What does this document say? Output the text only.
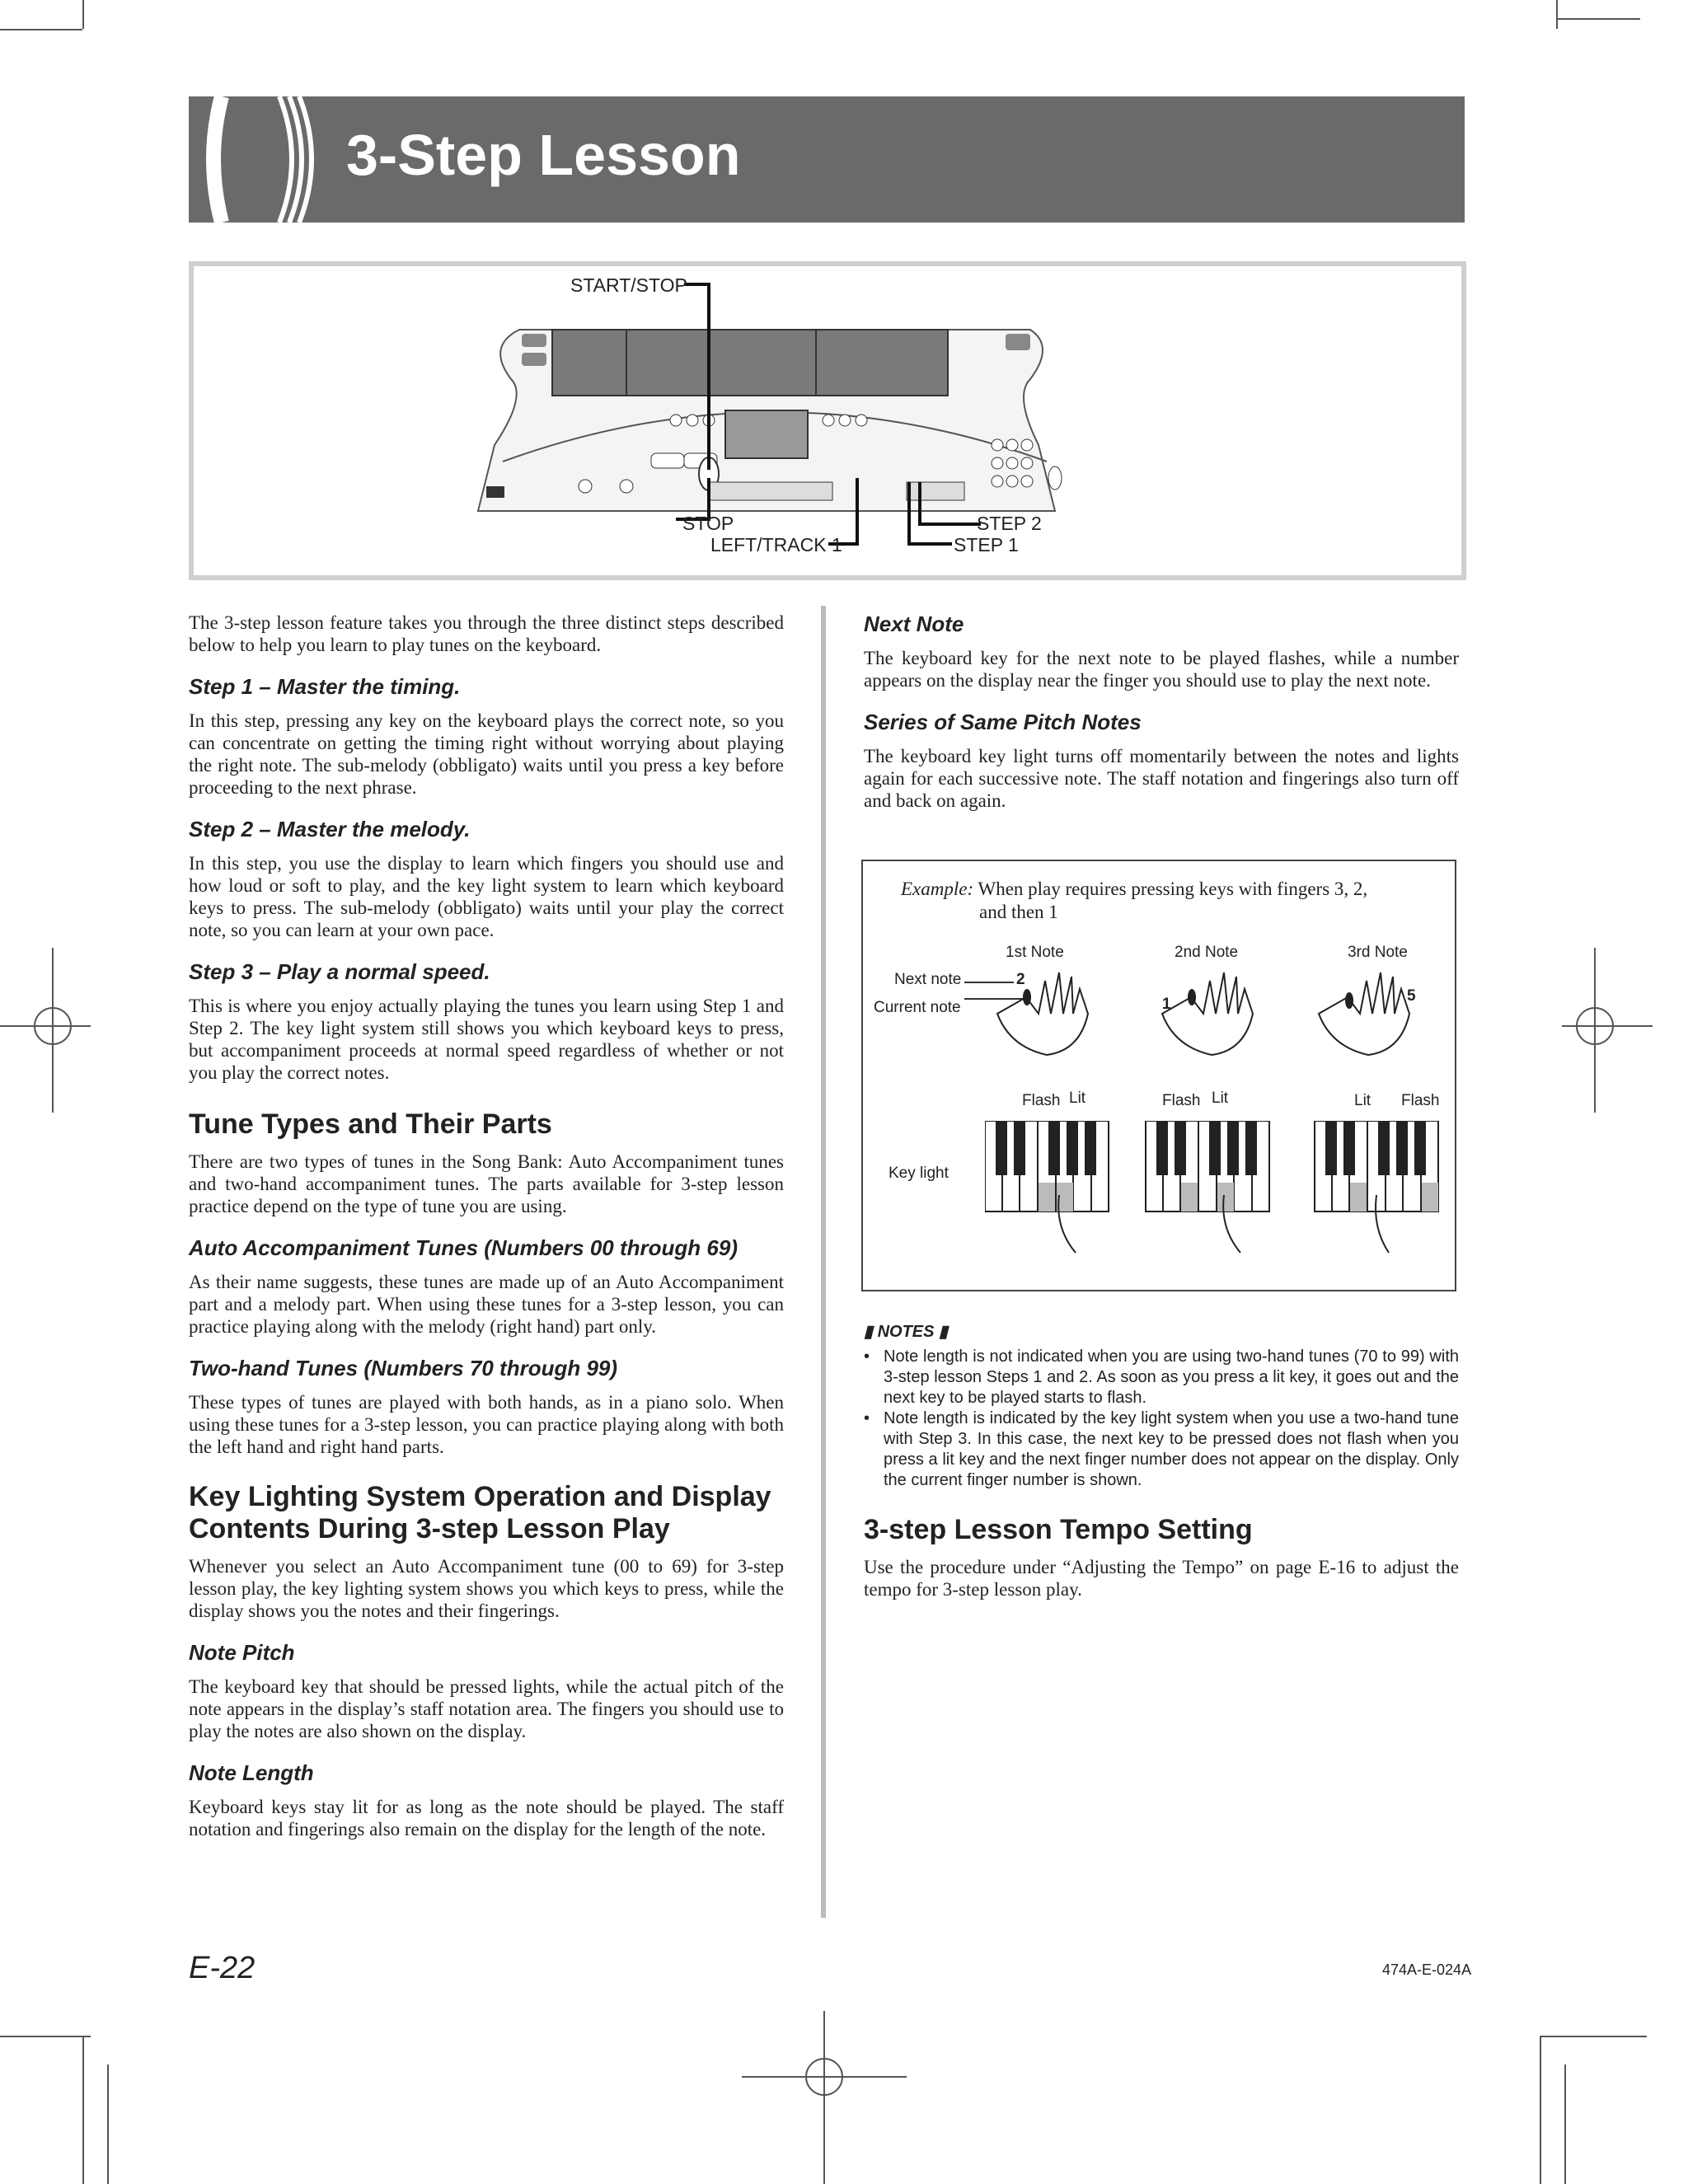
3-Step Lesson
START/STOP
STOP
LEFT/TRACK 1
STEP 2
STEP 1

The 3-step lesson feature takes you through the three distinct steps described below to help you learn to play tunes on the keyboard.

Step 1 – Master the timing.

In this step, pressing any key on the keyboard plays the correct note, so you can concentrate on getting the timing right without worrying about playing the right note. The sub-melody (obbligato) waits until you press a key before proceeding to the next phrase.

Step 2 – Master the melody.

In this step, you use the display to learn which fingers you should use and how loud or soft to play, and the key light system to learn which keyboard keys to press. The sub-melody (obbligato) waits until your play the correct note, so you can learn at your own pace.

Step 3 – Play a normal speed.

This is where you enjoy actually playing the tunes you learn using Step 1 and Step 2. The key light system still shows you which keyboard keys to press, but accompaniment proceeds at normal speed regardless of whether or not you play the correct notes.

Tune Types and Their Parts

There are two types of tunes in the Song Bank: Auto Accompaniment tunes and two-hand accompaniment tunes. The parts available for 3-step lesson practice depend on the type of tune you are using.

Auto Accompaniment Tunes (Numbers 00 through 69)

As their name suggests, these tunes are made up of an Auto Accompaniment part and a melody part. When using these tunes for a 3-step lesson, you can practice playing along with the melody (right hand) part only.

Two-hand Tunes (Numbers 70 through 99)

These types of tunes are played with both hands, as in a piano solo. When using these tunes for a 3-step lesson, you can practice playing along with both the left hand and right hand parts.

Key Lighting System Operation and Display Contents During 3-step Lesson Play

Whenever you select an Auto Accompaniment tune (00 to 69) for 3-step lesson play, the key lighting system shows you which keys to press, while the display shows you the notes and their fingerings.

Note Pitch

The keyboard key that should be pressed lights, while the actual pitch of the note appears in the display’s staff notation area. The fingers you should use to play the notes are also shown on the display.

Note Length

Keyboard keys stay lit for as long as the note should be played. The staff notation and fingerings also remain on the display for the length of the note.

Next Note

The keyboard key for the next note to be played flashes, while a number appears on the display near the finger you should use to play the next note.

Series of Same Pitch Notes

The keyboard key light turns off momentarily between the notes and lights again for each successive note. The staff notation and fingerings also turn off and back on again.

Example: When play requires pressing keys with fingers 3, 2,
and then 1
1st Note	2nd Note	3rd Note
Next note
Current note
2
1	5
Flash Lit	Flash Lit	Lit Flash
Key light
▮ NOTES ▮

• Note length is not indicated when you are using two-hand tunes (70 to 99) with 3-step lesson Steps 1 and 2. As soon as you press a lit key, it goes out and the next key to be played starts to flash.

• Note length is indicated by the key light system when you use a two-hand tune with Step 3. In this case, the next key to be pressed does not flash when you press a lit key and the next finger number does not appear on the display. Only the current finger number is shown.

3-step Lesson Tempo Setting

Use the procedure under “Adjusting the Tempo” on page E-16 to adjust the tempo for 3-step lesson play.

E-22	474A-E-024A
